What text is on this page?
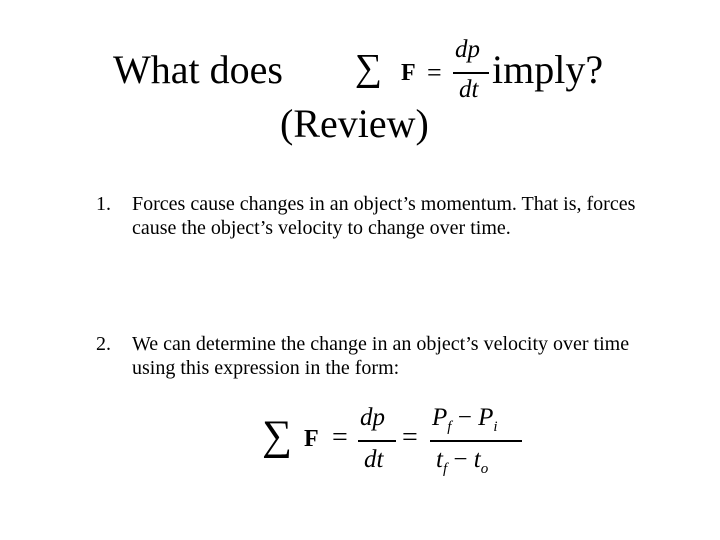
What does	imply?
(Review)
∑ F =
dp
dt
1. Forces cause changes in an object’s momentum. That is, forces cause the object’s velocity to change over time.
2. We can determine the change in an object’s velocity over time using this expression in the form:
∑ F =
dp
dt
=
$P_f - P_i$
$t_f - t_o$
